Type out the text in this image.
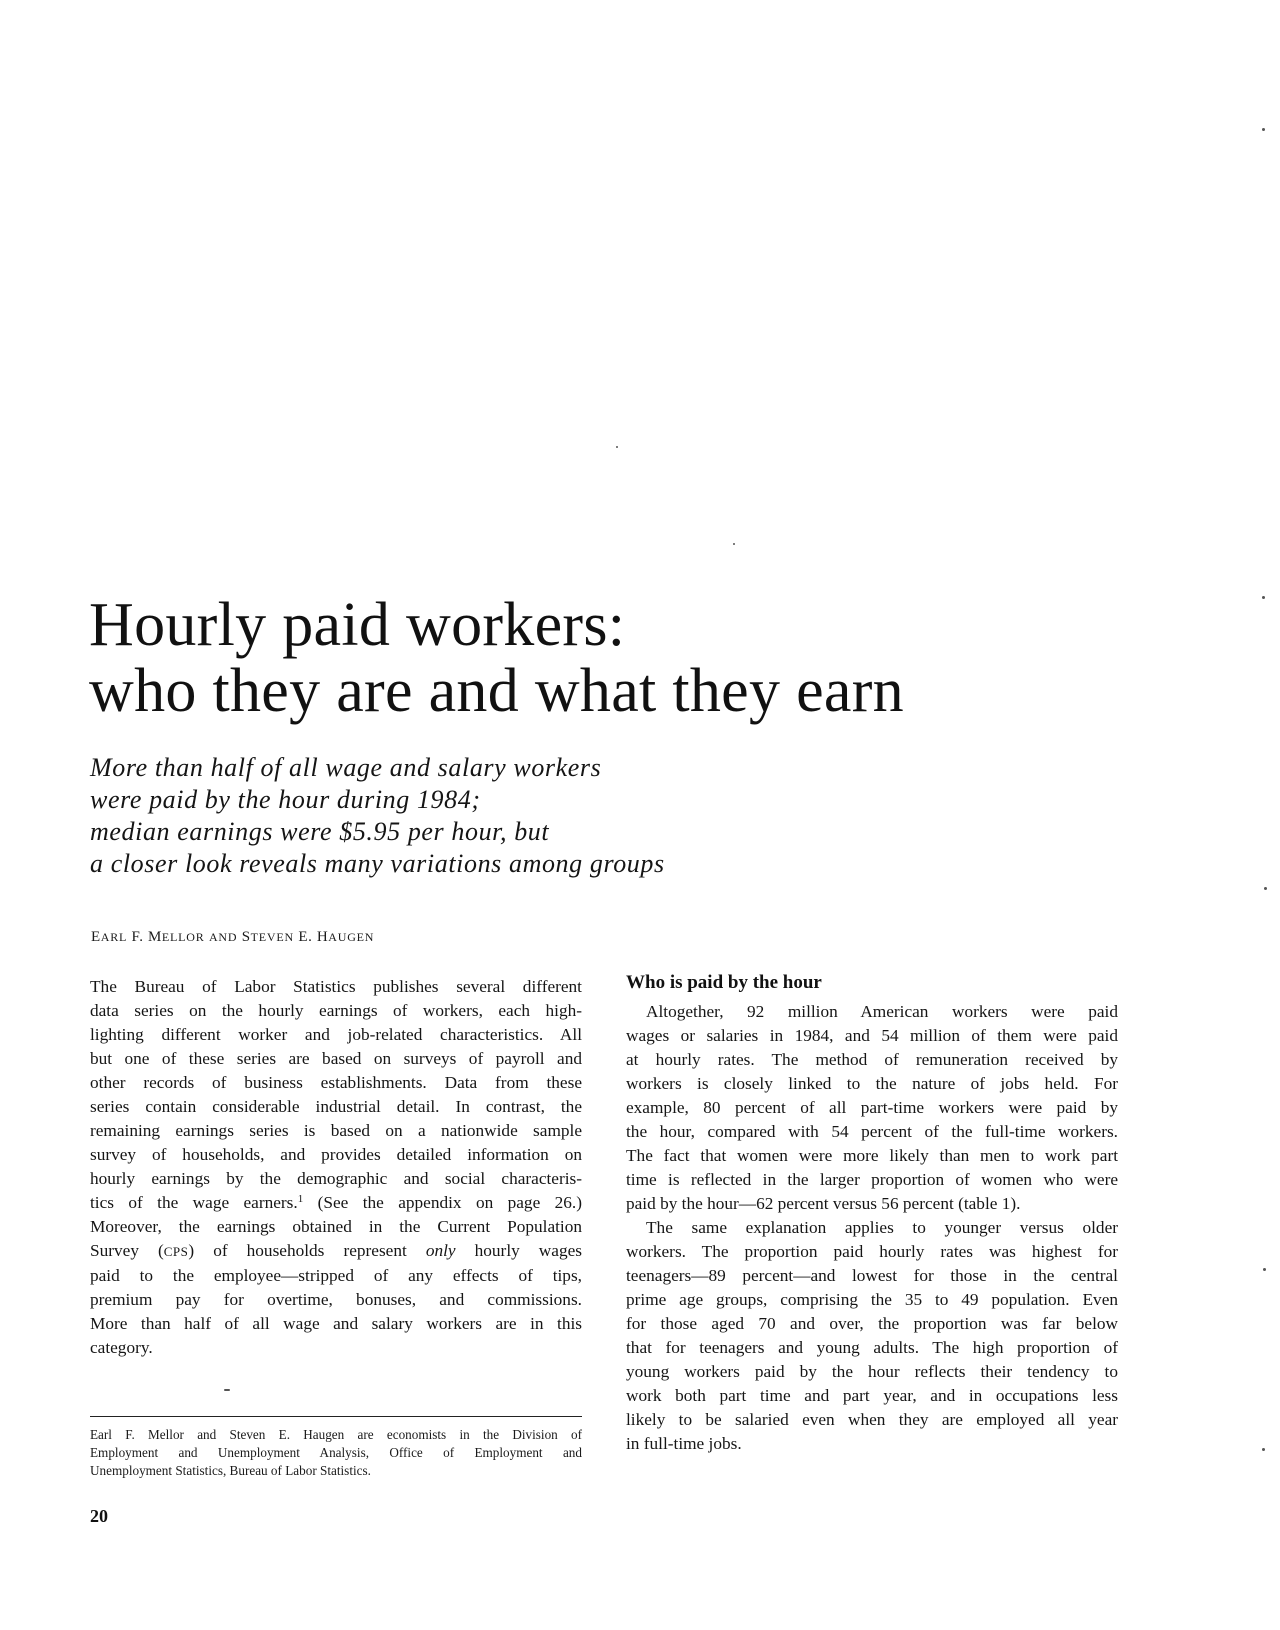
Hourly paid workers:
who they are and what they earn
More than half of all wage and salary workers
were paid by the hour during 1984;
median earnings were $5.95 per hour, but
a closer look reveals many variations among groups
EARL F. MELLOR AND STEVEN E. HAUGEN

The Bureau of Labor Statistics publishes several different
data series on the hourly earnings of workers, each high-
lighting different worker and job-related characteristics. All
but one of these series are based on surveys of payroll and
other records of business establishments. Data from these
series contain considerable industrial detail. In contrast, the
remaining earnings series is based on a nationwide sample
survey of households, and provides detailed information on
hourly earnings by the demographic and social characteris-
tics of the wage earners.$^1$ (See the appendix on page 26.)
Moreover, the earnings obtained in the Current Population
Survey (CPS) of households represent only hourly wages
paid to the employee—stripped of any effects of tips,
premium pay for overtime, bonuses, and commissions.
More than half of all wage and salary workers are in this
category.

Earl F. Mellor and Steven E. Haugen are economists in the Division of
Employment and Unemployment Analysis, Office of Employment and
Unemployment Statistics, Bureau of Labor Statistics.
20
Who is paid by the hour

Altogether, 92 million American workers were paid
wages or salaries in 1984, and 54 million of them were paid
at hourly rates. The method of remuneration received by
workers is closely linked to the nature of jobs held. For
example, 80 percent of all part-time workers were paid by
the hour, compared with 54 percent of the full-time workers.
The fact that women were more likely than men to work part
time is reflected in the larger proportion of women who were
paid by the hour—62 percent versus 56 percent (table 1).

The same explanation applies to younger versus older
workers. The proportion paid hourly rates was highest for
teenagers—89 percent—and lowest for those in the central
prime age groups, comprising the 35 to 49 population. Even
for those aged 70 and over, the proportion was far below
that for teenagers and young adults. The high proportion of
young workers paid by the hour reflects their tendency to
work both part time and part year, and in occupations less
likely to be salaried even when they are employed all year
in full-time jobs.
